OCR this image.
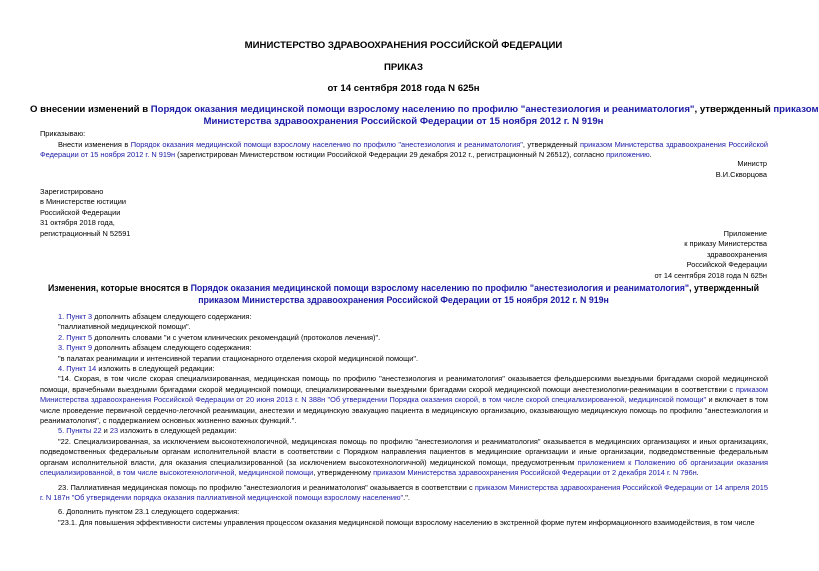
МИНИСТЕРСТВО ЗДРАВООХРАНЕНИЯ РОССИЙСКОЙ ФЕДЕРАЦИИ
ПРИКАЗ
от 14 сентября 2018 года N 625н
О внесении изменений в Порядок оказания медицинской помощи взрослому населению по профилю "анестезиология и реаниматология", утвержденный приказом
Министерства здравоохранения Российской Федерации от 15 ноября 2012 г. N 919н
Приказываю:

Внести изменения в Порядок оказания медицинской помощи взрослому населению по профилю "анестезиология и реаниматология", утвержденный приказом Министерства здравоохранения Российской Федерации от 15 ноября 2012 г. N 919н (зарегистрирован Министерством юстиции Российской Федерации 29 декабря 2012 г., регистрационный N 26512), согласно приложению.

Министр
В.И.Скворцова
Зарегистрировано
в Министерстве юстиции
Российской Федерации
31 октября 2018 года,
регистрационный N 52591	Приложение
к приказу Министерства
здравоохранения
Российской Федерации
от 14 сентября 2018 года N 625н
Изменения, которые вносятся в Порядок оказания медицинской помощи взрослому населению по профилю "анестезиология и реаниматология", утвержденный
приказом Министерства здравоохранения Российской Федерации от 15 ноября 2012 г. N 919н
1. Пункт 3 дополнить абзацем следующего содержания:
"паллиативной медицинской помощи".
2. Пункт 5 дополнить словами "и с учетом клинических рекомендаций (протоколов лечения)".
3. Пункт 9 дополнить абзацем следующего содержания:
"в палатах реанимации и интенсивной терапии стационарного отделения скорой медицинской помощи".
4. Пункт 14 изложить в следующей редакции:

"14. Скорая, в том числе скорая специализированная, медицинская помощь по профилю "анестезиология и реаниматология" оказывается фельдшерскими выездными бригадами скорой медицинской помощи, врачебными выездными бригадами скорой медицинской помощи, специализированными выездными бригадами скорой медицинской помощи анестезиологии-реанимации в соответствии с приказом Министерства здравоохранения Российской Федерации от 20 июня 2013 г. N 388н "Об утверждении Порядка оказания скорой, в том числе скорой специализированной, медицинской помощи" и включает в том числе проведение первичной сердечно-легочной реанимации, анестезии и медицинскую эвакуацию пациента в медицинскую организацию, оказывающую медицинскую помощь по профилю "анестезиология и реаниматология", с поддержанием основных жизненно важных функций.".

5. Пункты 22 и 23 изложить в следующей редакции:

"22. Специализированная, за исключением высокотехнологичной, медицинская помощь по профилю "анестезиология и реаниматология" оказывается в медицинских организациях и иных организациях, подведомственных федеральным органам исполнительной власти в соответствии с Порядком направления пациентов в медицинские организации и иные организации, подведомственные федеральным органам исполнительной власти, для оказания специализированной (за исключением высокотехнологичной) медицинской помощи, предусмотренным приложением к Положению об организации оказания специализированной, в том числе высокотехнологичной, медицинской помощи, утвержденному приказом Министерства здравоохранения Российской Федерации от 2 декабря 2014 г. N 796н.

23. Паллиативная медицинская помощь по профилю "анестезиология и реаниматология" оказывается в соответствии с приказом Министерства здравоохранения Российской Федерации от 14 апреля 2015 г. N 187н "Об утверждении порядка оказания паллиативной медицинской помощи взрослому населению".".

6. Дополнить пунктом 23.1 следующего содержания:

"23.1. Для повышения эффективности системы управления процессом оказания медицинской помощи взрослому населению в экстренной форме путем информационного взаимодействия, в том числе
